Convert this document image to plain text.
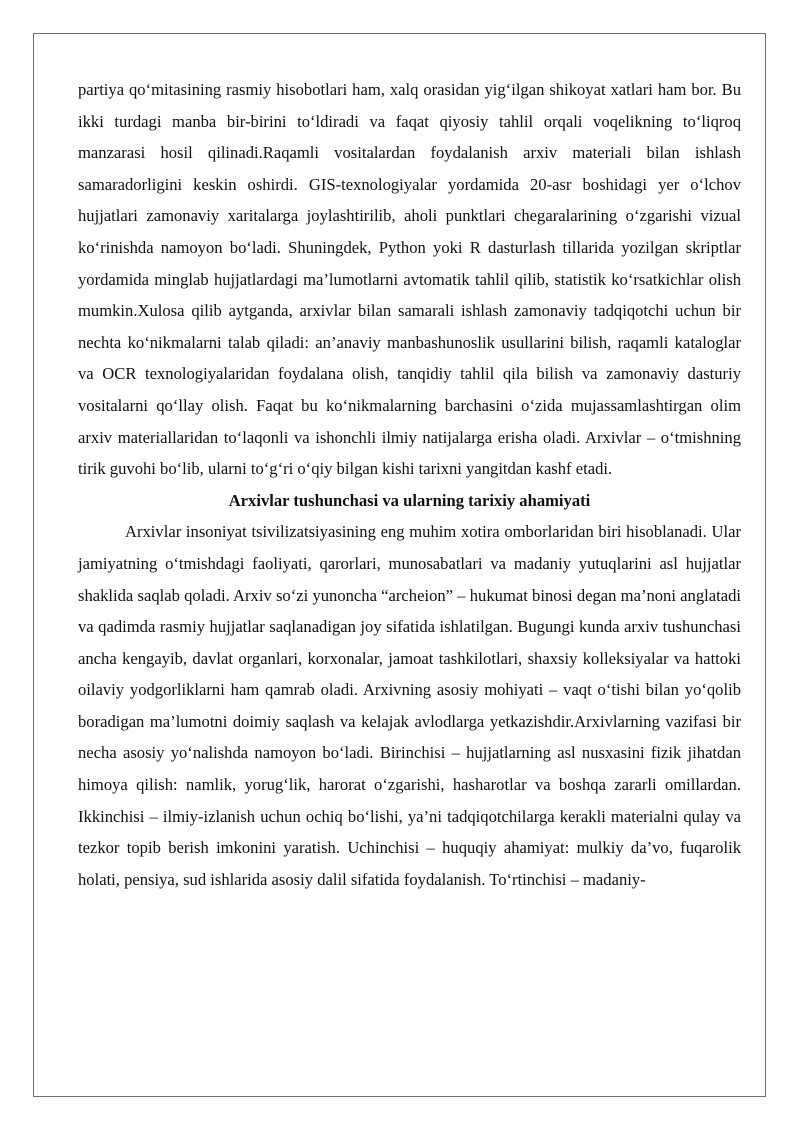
partiya qo‘mitasining rasmiy hisobotlari ham, xalq orasidan yig‘ilgan shikoyat xatlari ham bor. Bu ikki turdagi manba bir-birini to‘ldiradi va faqat qiyosiy tahlil orqali voqelikning to‘liqroq manzarasi hosil qilinadi.Raqamli vositalardan foydalanish arxiv materiali bilan ishlash samaradorligini keskin oshirdi. GIS-texnologiyalar yordamida 20-asr boshidagi yer o‘lchov hujjatlari zamonaviy xaritalarga joylashtirilib, aholi punktlari chegaralarining o‘zgarishi vizual ko‘rinishda namoyon bo‘ladi. Shuningdek, Python yoki R dasturlash tillarida yozilgan skriptlar yordamida minglab hujjatlardagi ma’lumotlarni avtomatik tahlil qilib, statistik ko‘rsatkichlar olish mumkin.Xulosa qilib aytganda, arxivlar bilan samarali ishlash zamonaviy tadqiqotchi uchun bir nechta ko‘nikmalarni talab qiladi: an’anaviy manbashunoslik usullarini bilish, raqamli kataloglar va OCR texnologiyalaridan foydalana olish, tanqidiy tahlil qila bilish va zamonaviy dasturiy vositalarni qo‘llay olish. Faqat bu ko‘nikmalarning barchasini o‘zida mujassamlashtirgan olim arxiv materiallaridan to‘laqonli va ishonchli ilmiy natijalarga erisha oladi. Arxivlar – o‘tmishning tirik guvohi bo‘lib, ularni to‘g‘ri o‘qiy bilgan kishi tarixni yangitdan kashf etadi.

Arxivlar tushunchasi va ularning tarixiy ahamiyati

Arxivlar insoniyat tsivilizatsiyasining eng muhim xotira omborlaridan biri hisoblanadi. Ular jamiyatning o‘tmishdagi faoliyati, qarorlari, munosabatlari va madaniy yutuqlarini asl hujjatlar shaklida saqlab qoladi. Arxiv so‘zi yunoncha “archeion” – hukumat binosi degan ma’noni anglatadi va qadimda rasmiy hujjatlar saqlanadigan joy sifatida ishlatilgan. Bugungi kunda arxiv tushunchasi ancha kengayib, davlat organlari, korxonalar, jamoat tashkilotlari, shaxsiy kolleksiyalar va hattoki oilaviy yodgorliklarni ham qamrab oladi. Arxivning asosiy mohiyati – vaqt o‘tishi bilan yo‘qolib boradigan ma’lumotni doimiy saqlash va kelajak avlodlarga yetkazishdir.Arxivlarning vazifasi bir necha asosiy yo‘nalishda namoyon bo‘ladi. Birinchisi – hujjatlarning asl nusxasini fizik jihatdan himoya qilish: namlik, yorug‘lik, harorat o‘zgarishi, hasharotlar va boshqa zararli omillardan. Ikkinchisi – ilmiy-izlanish uchun ochiq bo‘lishi, ya’ni tadqiqotchilarga kerakli materialni qulay va tezkor topib berish imkonini yaratish. Uchinchisi – huquqiy ahamiyat: mulkiy da’vo, fuqarolik holati, pensiya, sud ishlarida asosiy dalil sifatida foydalanish. To‘rtinchisi – madaniy-
